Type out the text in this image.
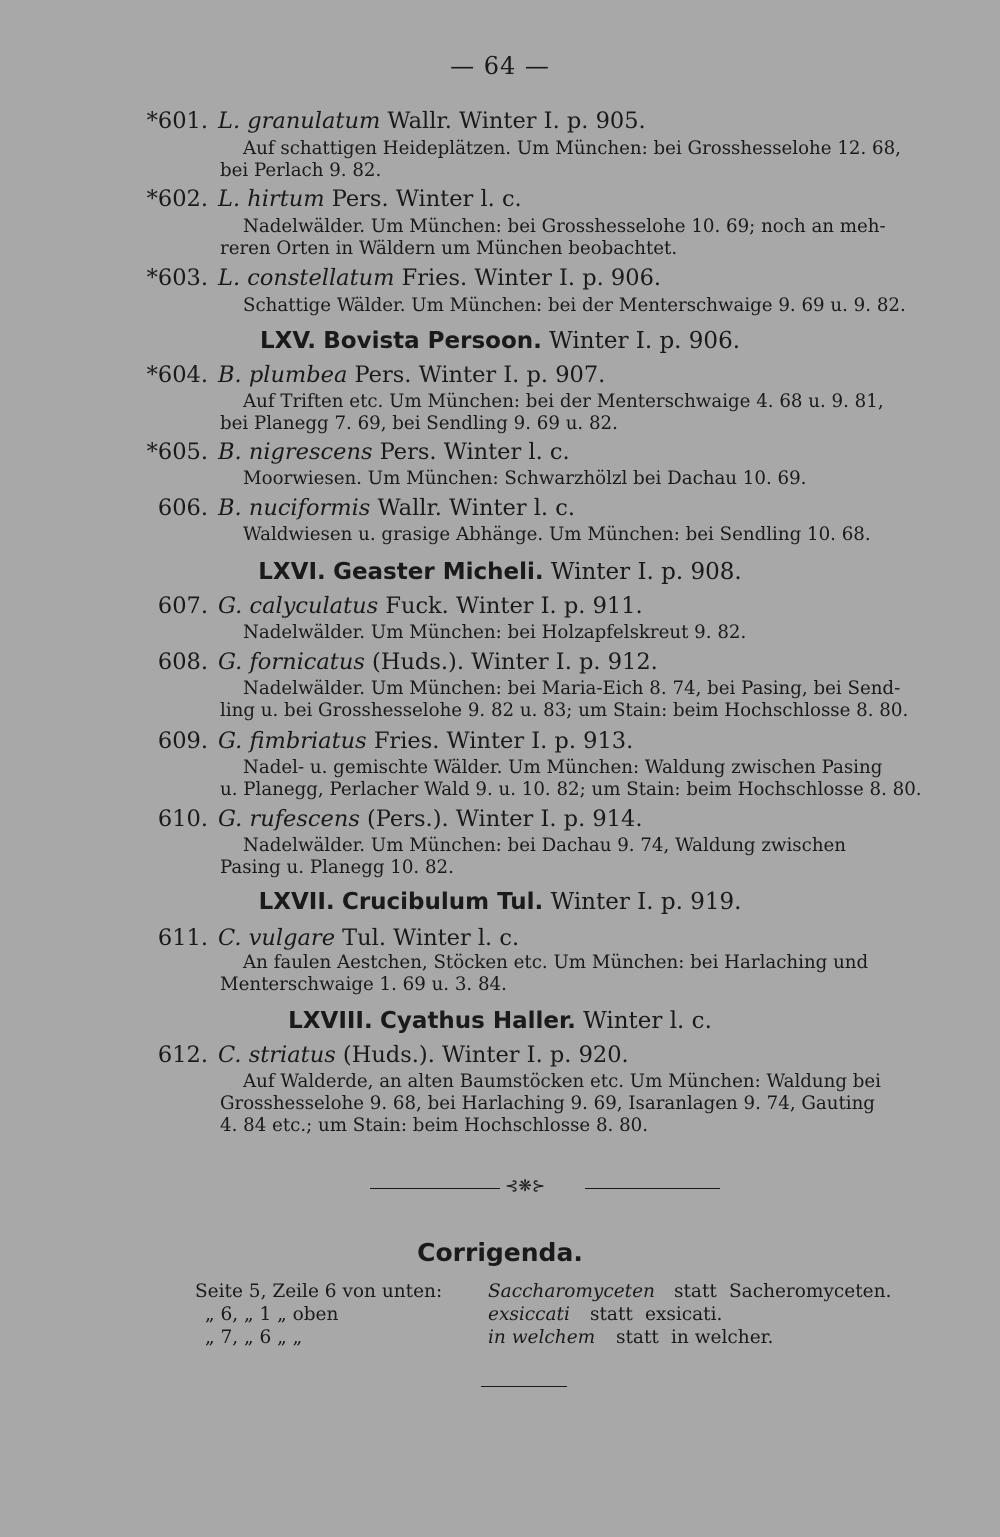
— 64 —
*601. L. granulatum Wallr. Winter I. p. 905.
Auf schattigen Heideplätzen. Um München: bei Grosshesselohe 12. 68,
bei Perlach 9. 82.
*602. L. hirtum Pers. Winter l. c.
Nadelwälder. Um München: bei Grosshesselohe 10. 69; noch an meh-
reren Orten in Wäldern um München beobachtet.
*603. L. constellatum Fries. Winter I. p. 906.
Schattige Wälder. Um München: bei der Menterschwaige 9. 69 u. 9. 82.
LXV. Bovista Persoon. Winter I. p. 906.
*604. B. plumbea Pers. Winter I. p. 907.
Auf Triften etc. Um München: bei der Menterschwaige 4. 68 u. 9. 81,
bei Planegg 7. 69, bei Sendling 9. 69 u. 82.
*605. B. nigrescens Pers. Winter l. c.
Moorwiesen. Um München: Schwarzhölzl bei Dachau 10. 69.
606. B. nuciformis Wallr. Winter l. c.
Waldwiesen u. grasige Abhänge. Um München: bei Sendling 10. 68.
LXVI. Geaster Micheli. Winter I. p. 908.
607. G. calyculatus Fuck. Winter I. p. 911.
Nadelwälder. Um München: bei Holzapfelskreut 9. 82.
608. G. fornicatus (Huds.). Winter I. p. 912.
Nadelwälder. Um München: bei Maria-Eich 8. 74, bei Pasing, bei Send-
ling u. bei Grosshesselohe 9. 82 u. 83; um Stain: beim Hochschlosse 8. 80.
609. G. fimbriatus Fries. Winter I. p. 913.
Nadel- u. gemischte Wälder. Um München: Waldung zwischen Pasing
u. Planegg, Perlacher Wald 9. u. 10. 82; um Stain: beim Hochschlosse 8. 80.
610. G. rufescens (Pers.). Winter I. p. 914.
Nadelwälder. Um München: bei Dachau 9. 74, Waldung zwischen
Pasing u. Planegg 10. 82.
LXVII. Crucibulum Tul. Winter I. p. 919.
611. C. vulgare Tul. Winter l. c.
An faulen Aestchen, Stöcken etc. Um München: bei Harlaching und
Menterschwaige 1. 69 u. 3. 84.
LXVIII. Cyathus Haller. Winter l. c.
612. C. striatus (Huds.). Winter I. p. 920.
Auf Walderde, an alten Baumstöcken etc. Um München: Waldung bei
Grosshesselohe 9. 68, bei Harlaching 9. 69, Isaranlagen 9. 74, Gauting
4. 84 etc.; um Stain: beim Hochschlosse 8. 80.
⊰❋⊱
Corrigenda.
Seite 5, Zeile 6 von unten: Saccharomyceten statt Sacheromyceten.
„ 6, „ 1 „ oben	exsiccati statt exsicati.
„ 7, „ 6 „ „	in welchem statt in welcher.
